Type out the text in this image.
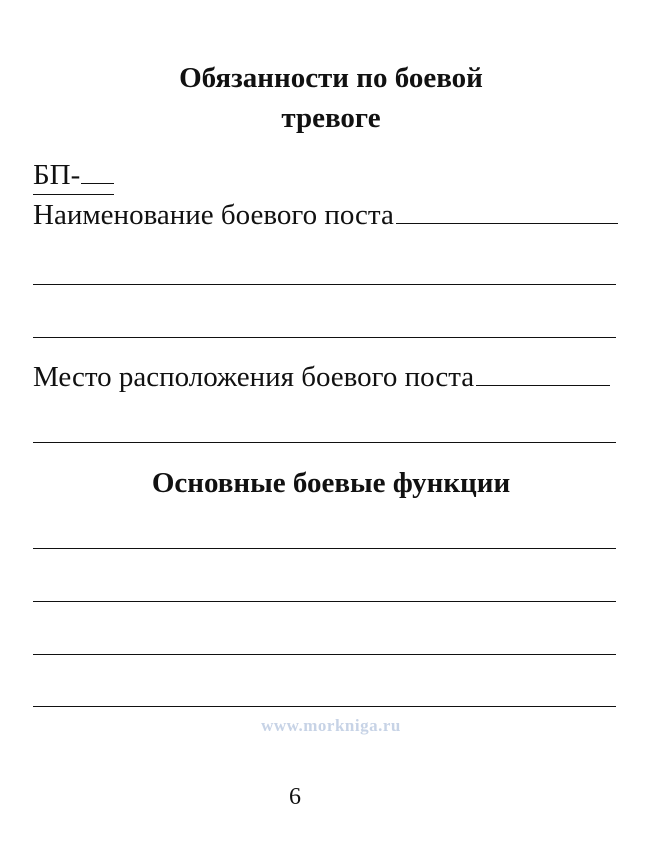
Обязанности по боевой
тревоге
БП-
Наименование боевого поста
Место расположения боевого поста
Основные боевые функции
www.morkniga.ru
6
